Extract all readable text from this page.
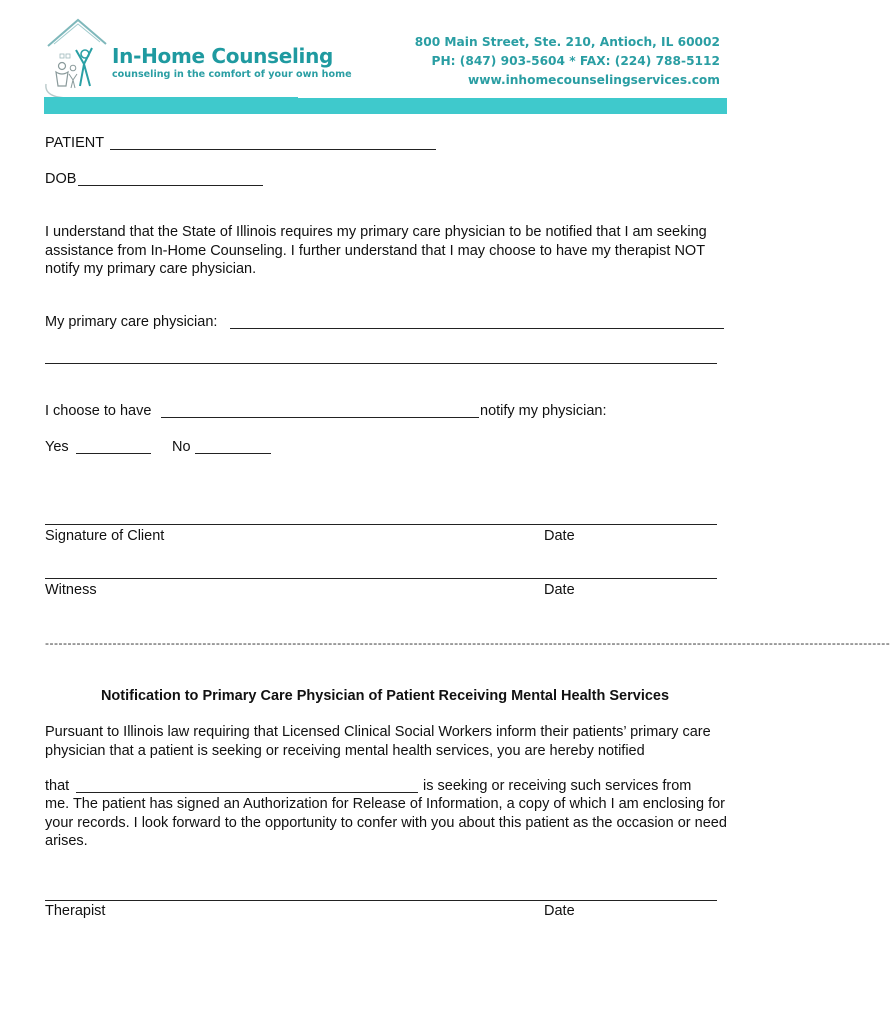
In-Home Counseling
counseling in the comfort of your own home
800 Main Street, Ste. 210, Antioch, IL 60002
PH: (847) 903-5604 * FAX: (224) 788-5112
www.inhomecounselingservices.com
PATIENT
DOB
I understand that the State of Illinois requires my primary care physician to be notified that I am seeking assistance from In-Home Counseling. I further understand that I may choose to have my therapist NOT notify my primary care physician.
My primary care physician:
I choose to have	notify my physician:
Yes	No
Signature of Client	Date
Witness	Date
--------------------------------------------------------------------------------------------------------------------------------------------------------------------------------------------
Notification to Primary Care Physician of Patient Receiving Mental Health Services
Pursuant to Illinois law requiring that Licensed Clinical Social Workers inform their patients’ primary care physician that a patient is seeking or receiving mental health services, you are hereby notified
that	is seeking or receiving such services from
me. The patient has signed an Authorization for Release of Information, a copy of which I am enclosing for your records. I look forward to the opportunity to confer with you about this patient as the occasion or need arises.
Therapist	Date
